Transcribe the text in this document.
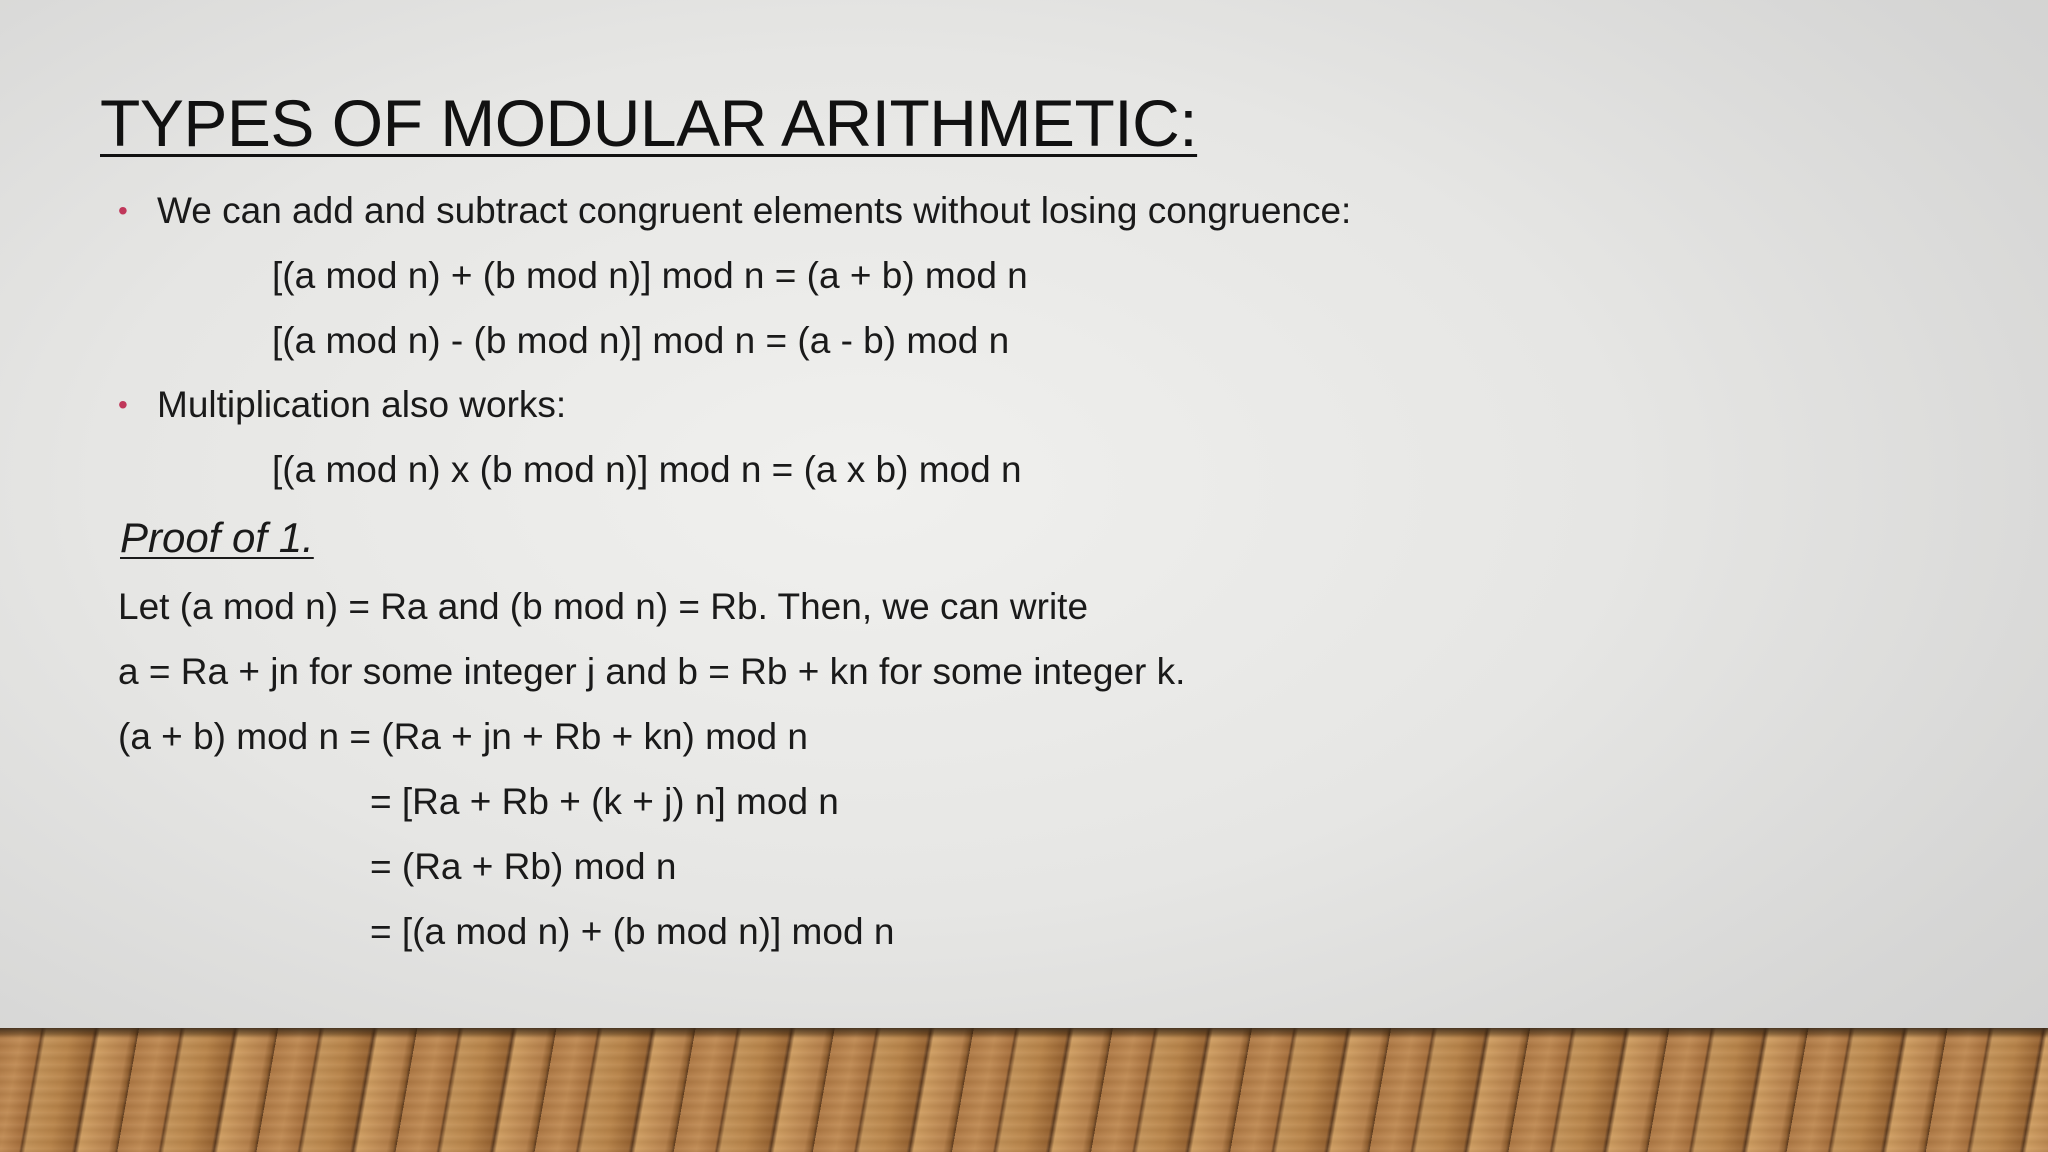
TYPES OF MODULAR ARITHMETIC:
• We can add and subtract congruent elements without losing congruence:
[(a mod n) + (b mod n)] mod n = (a + b) mod n
[(a mod n) - (b mod n)] mod n = (a - b) mod n
• Multiplication also works:
[(a mod n) x (b mod n)] mod n = (a x b) mod n
Proof of 1.
Let (a mod n) = Ra and (b mod n) = Rb. Then, we can write
a = Ra + jn for some integer j and b = Rb + kn for some integer k.
(a + b) mod n = (Ra + jn + Rb + kn) mod n
= [Ra + Rb + (k + j) n] mod n
= (Ra + Rb) mod n
= [(a mod n) + (b mod n)] mod n
